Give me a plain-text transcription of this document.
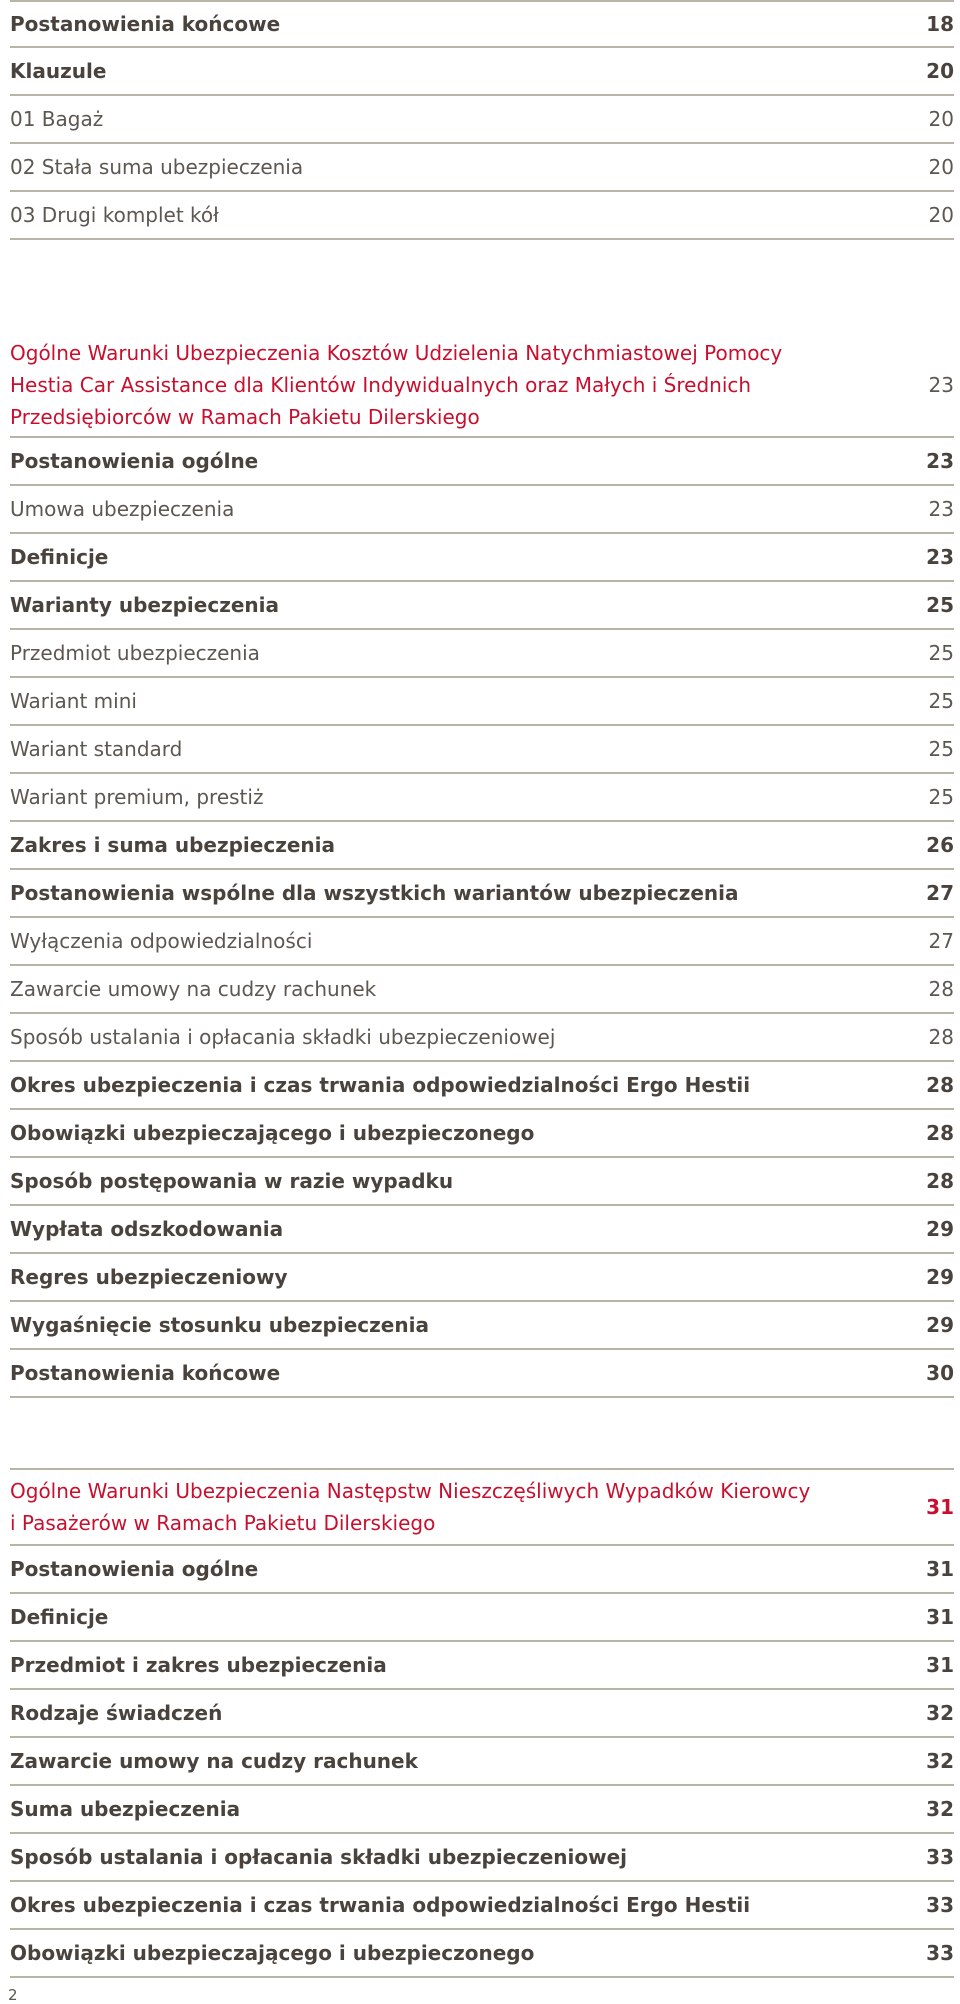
Postanowienia końcowe	18
Klauzule	20
01 Bagaż	20
02 Stała suma ubezpieczenia	20
03 Drugi komplet kół	20
Ogólne Warunki Ubezpieczenia Kosztów Udzielenia Natychmiastowej Pomocy
Hestia Car Assistance dla Klientów Indywidualnych oraz Małych i Średnich
Przedsiębiorców w Ramach Pakietu Dilerskiego
23
Postanowienia ogólne	23
Umowa ubezpieczenia	23
Definicje	23
Warianty ubezpieczenia	25
Przedmiot ubezpieczenia	25
Wariant mini	25
Wariant standard	25
Wariant premium, prestiż	25
Zakres i suma ubezpieczenia	26
Postanowienia wspólne dla wszystkich wariantów ubezpieczenia	27
Wyłączenia odpowiedzialności	27
Zawarcie umowy na cudzy rachunek	28
Sposób ustalania i opłacania składki ubezpieczeniowej	28
Okres ubezpieczenia i czas trwania odpowiedzialności Ergo Hestii	28
Obowiązki ubezpieczającego i ubezpieczonego	28
Sposób postępowania w razie wypadku	28
Wypłata odszkodowania	29
Regres ubezpieczeniowy	29
Wygaśnięcie stosunku ubezpieczenia	29
Postanowienia końcowe	30
Ogólne Warunki Ubezpieczenia Następstw Nieszczęśliwych Wypadków Kierowcy
i Pasażerów w Ramach Pakietu Dilerskiego
31
Postanowienia ogólne	31
Definicje	31
Przedmiot i zakres ubezpieczenia	31
Rodzaje świadczeń	32
Zawarcie umowy na cudzy rachunek	32
Suma ubezpieczenia	32
Sposób ustalania i opłacania składki ubezpieczeniowej	33
Okres ubezpieczenia i czas trwania odpowiedzialności Ergo Hestii	33
Obowiązki ubezpieczającego i ubezpieczonego	33
2
